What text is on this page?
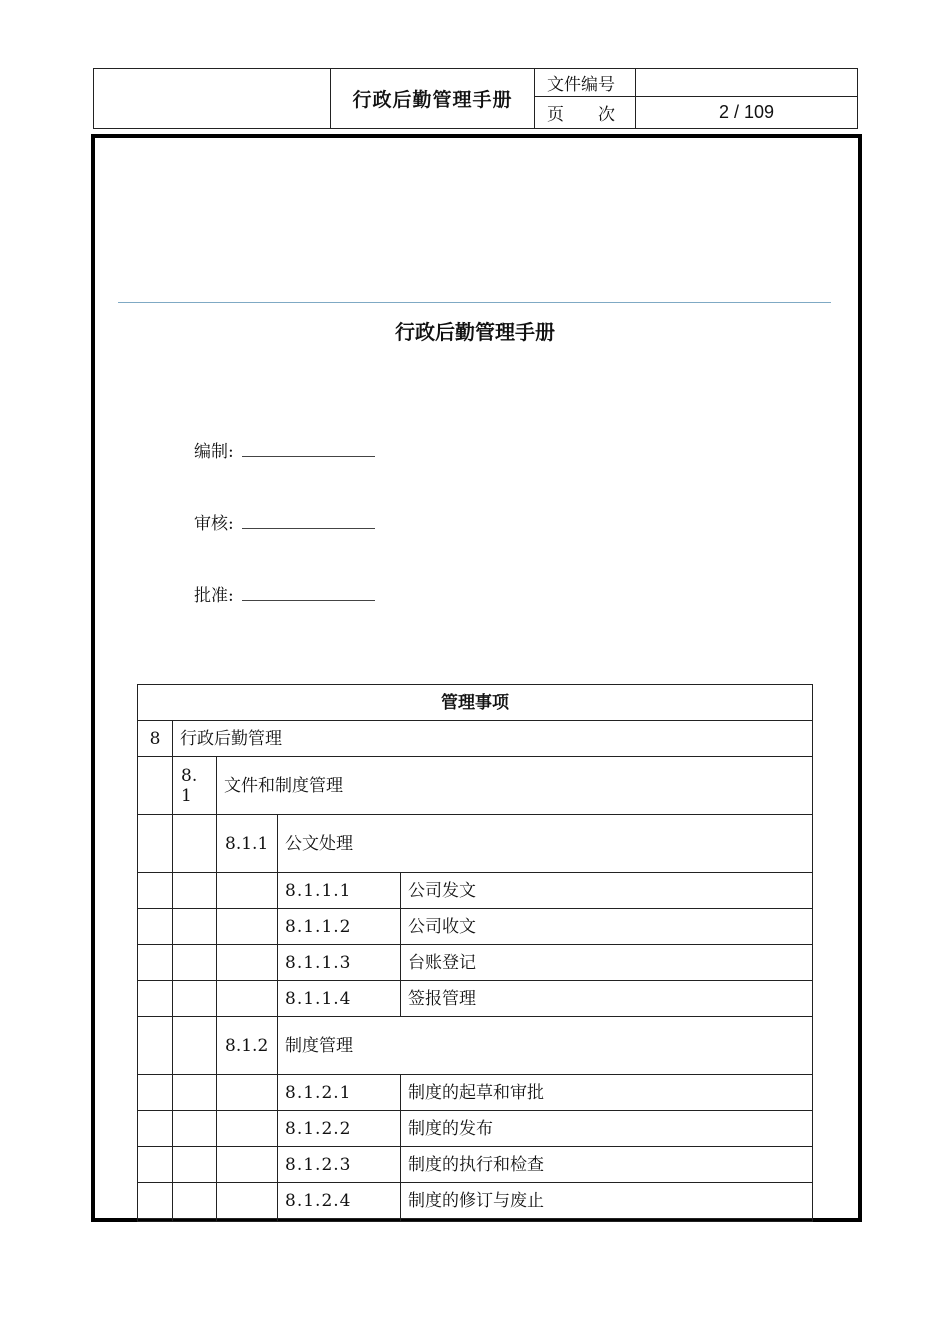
	行政后勤管理手册	文件编号	
		页　　次	2 / 109
行政后勤管理手册
编制:
审核:
批准:
管理事项				
8	行政后勤管理			
	8.1	文件和制度管理		
		8.1.1	公文处理	
			8.1.1.1	公司发文
			8.1.1.2	公司收文
			8.1.1.3	台账登记
			8.1.1.4	签报管理
		8.1.2	制度管理	
			8.1.2.1	制度的起草和审批
			8.1.2.2	制度的发布
			8.1.2.3	制度的执行和检查
			8.1.2.4	制度的修订与废止
